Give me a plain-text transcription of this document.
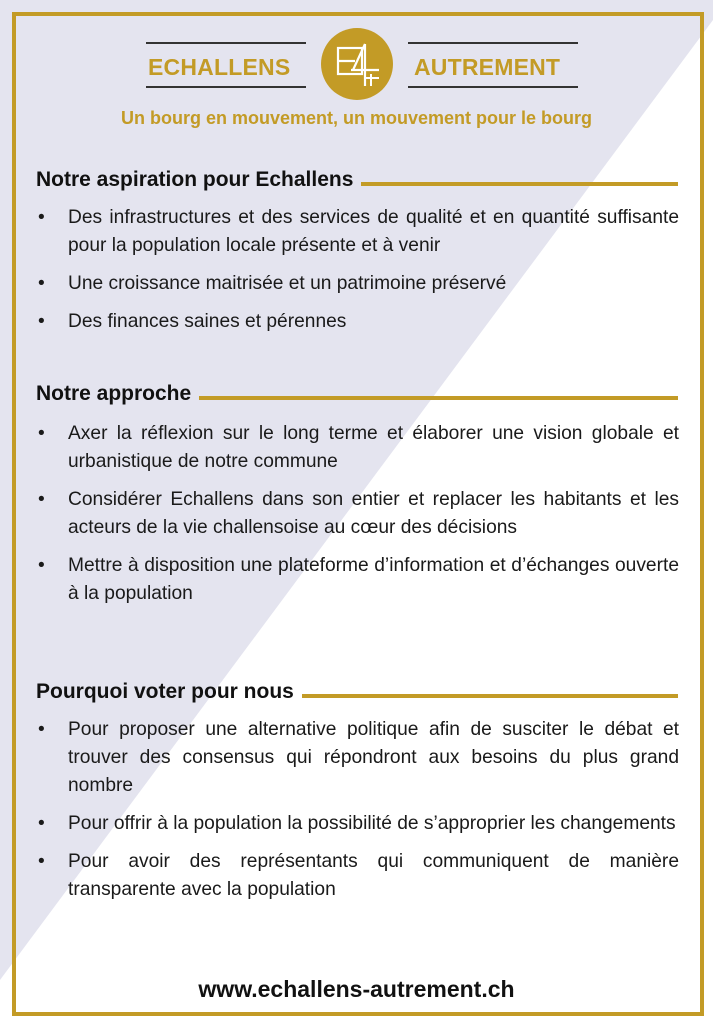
ECHALLENS	AUTREMENT
Un bourg en mouvement, un mouvement pour le bourg
Notre aspiration pour Echallens
• Des infrastructures et des services de qualité et en quantité suffisante pour la population locale présente et à venir
• Une croissance maitrisée et un patrimoine préservé
• Des finances saines et pérennes
Notre approche
• Axer la réflexion sur le long terme et élaborer une vision globale et urbanistique de notre commune
• Considérer Echallens dans son entier et replacer les habitants et les acteurs de la vie challensoise au cœur des décisions
• Mettre à disposition une plateforme d’information et d’échanges ouverte à la population
Pourquoi voter pour nous
• Pour proposer une alternative politique afin de susciter le débat et trouver des consensus qui répondront aux besoins du plus grand nombre
• Pour offrir à la population la possibilité de s’approprier les changements
• Pour avoir des représentants qui communiquent de manière transparente avec la population
www.echallens-autrement.ch
